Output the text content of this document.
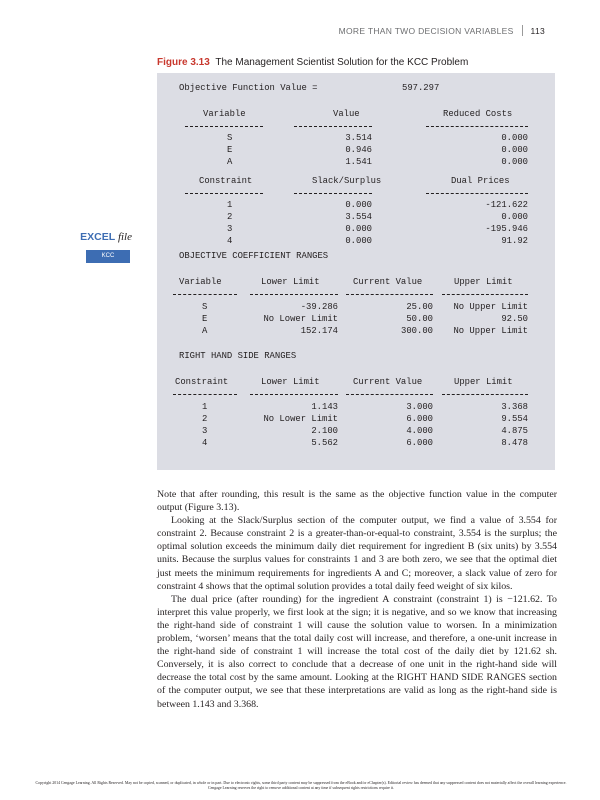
MORE THAN TWO DECISION VARIABLES 113
Figure 3.13 The Management Scientist Solution for the KCC Problem
EXCEL file
KCC
Objective Function Value =	597.297
Variable	Value	Reduced Costs
S	3.514	0.000
E	0.946	0.000
A	1.541	0.000
Constraint	Slack/Surplus	Dual Prices
1	0.000	-121.622
2	3.554	0.000
3	0.000	-195.946
4	0.000	91.92
OBJECTIVE COEFFICIENT RANGES
Variable	Lower Limit	Current Value	Upper Limit
S	-39.286	25.00	No Upper Limit
E	No Lower Limit	50.00	92.50
A	152.174	300.00	No Upper Limit
RIGHT HAND SIDE RANGES
Constraint	Lower Limit	Current Value	Upper Limit
1	1.143	3.000	3.368
2	No Lower Limit	6.000	9.554
3	2.100	4.000	4.875
4	5.562	6.000	8.478

Note that after rounding, this result is the same as the objective function value in the computer output (Figure 3.13).

Looking at the Slack/Surplus section of the computer output, we find a value of 3.554 for constraint 2. Because constraint 2 is a greater-than-or-equal-to constraint, 3.554 is the surplus; the optimal solution exceeds the minimum daily diet requirement for ingredient B (six units) by 3.554 units. Because the surplus values for constraints 1 and 3 are both zero, we see that the optimal diet just meets the minimum requirements for ingredients A and C; moreover, a slack value of zero for constraint 4 shows that the optimal solution provides a total daily feed weight of six kilos.

The dual price (after rounding) for the ingredient A constraint (constraint 1) is −121.62. To interpret this value properly, we first look at the sign; it is negative, and so we know that increasing the right-hand side of constraint 1 will cause the solution value to worsen. In a minimization problem, ‘worsen’ means that the total daily cost will increase, and therefore, a one-unit increase in the right-hand side of constraint 1 will increase the total cost of the daily diet by 121.62 sh. Conversely, it is also correct to conclude that a decrease of one unit in the right-hand side will decrease the total cost by the same amount. Looking at the RIGHT HAND SIDE RANGES section of the computer output, we see that these interpretations are valid as long as the right-hand side is between 1.143 and 3.368.

Copyright 2014 Cengage Learning. All Rights Reserved. May not be copied, scanned, or duplicated, in whole or in part. Due to electronic rights, some third party content may be suppressed from the eBook and/or eChapter(s). Editorial review has deemed that any suppressed content does not materially affect the overall learning experience. Cengage Learning reserves the right to remove additional content at any time if subsequent rights restrictions require it.
